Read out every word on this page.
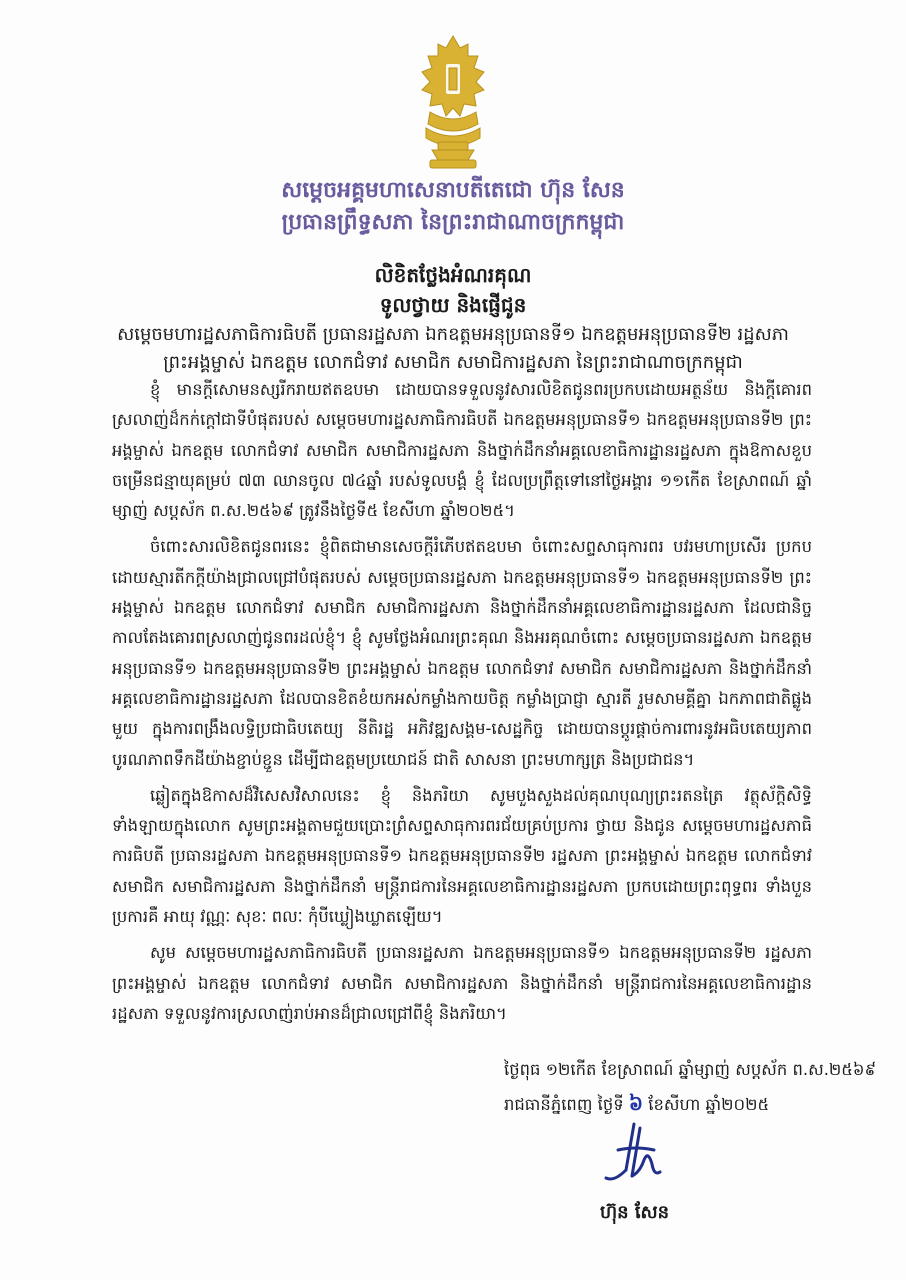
សម្តេចអគ្គមហាសេនាបតីតេជោ ហ៊ុន សែន
ប្រធានព្រឹទ្ធសភា នៃព្រះរាជាណាចក្រកម្ពុជា
លិខិតថ្លែងអំណរគុណ
ទូលថ្វាយ និងផ្ញើជូន
សម្តេចមហារដ្ឋសភាធិការធិបតី ប្រធានរដ្ឋសភា ឯកឧត្តមអនុប្រធានទី១ ឯកឧត្តមអនុប្រធានទី២ រដ្ឋសភា
ព្រះអង្គម្ចាស់ ឯកឧត្តម លោកជំទាវ សមាជិក សមាជិការដ្ឋសភា នៃព្រះរាជាណាចក្រកម្ពុជា

ខ្ញុំ មានក្តីសោមនស្សរីករាយឥតឧបមា ដោយបានទទួលនូវសារលិខិតជូនពរប្រកបដោយអត្ថន័យ និងក្តីគោរពស្រលាញ់ដ៏កក់ក្តៅជាទីបំផុតរបស់ សម្តេចមហារដ្ឋសភាធិការធិបតី ឯកឧត្តមអនុប្រធានទី១ ឯកឧត្តមអនុប្រធានទី២ ព្រះអង្គម្ចាស់ ឯកឧត្តម លោកជំទាវ សមាជិក សមាជិការដ្ឋសភា និងថ្នាក់ដឹកនាំអគ្គលេខាធិការដ្ឋានរដ្ឋសភា ក្នុងឱកាសខួបចម្រើនជន្មាយុគម្រប់ ៧៣ ឈានចូល ៧៤ឆ្នាំ របស់ទូលបង្គំ ខ្ញុំ ដែលប្រព្រឹត្តទៅនៅថ្ងៃអង្គារ ១១កើត ខែស្រាពណ៍ ឆ្នាំម្សាញ់ សប្តស័ក ព.ស.២៥៦៩ ត្រូវនឹងថ្ងៃទី៥ ខែសីហា ឆ្នាំ២០២៥។

ចំពោះសារលិខិតជូនពរនេះ ខ្ញុំពិតជាមានសេចក្តីរំភើបឥតឧបមា ចំពោះសព្ទសាធុការពរ បវរមហាប្រសើរ ប្រកបដោយស្មារតីកក្តីយ៉ាងជ្រាលជ្រៅបំផុតរបស់ សម្តេចប្រធានរដ្ឋសភា ឯកឧត្តមអនុប្រធានទី១ ឯកឧត្តមអនុប្រធានទី២ ព្រះអង្គម្ចាស់ ឯកឧត្តម លោកជំទាវ សមាជិក សមាជិការដ្ឋសភា និងថ្នាក់ដឹកនាំអគ្គលេខាធិការដ្ឋានរដ្ឋសភា ដែលជានិច្ចកាលតែងគោរពស្រលាញ់ជូនពរដល់ខ្ញុំ។ ខ្ញុំ សូមថ្លែងអំណរព្រះគុណ និងអរគុណចំពោះ សម្តេចប្រធានរដ្ឋសភា ឯកឧត្តមអនុប្រធានទី១ ឯកឧត្តមអនុប្រធានទី២ ព្រះអង្គម្ចាស់ ឯកឧត្តម លោកជំទាវ សមាជិក សមាជិការដ្ឋសភា និងថ្នាក់ដឹកនាំអគ្គលេខាធិការដ្ឋានរដ្ឋសភា ដែលបានខិតខំយកអស់កម្លាំងកាយចិត្ត កម្លាំងប្រាជ្ញា ស្មារតី រួមសាមគ្គីគ្នា ឯកភាពជាតិផ្លូងមួយ ក្នុងការពង្រឹងលទ្ធិប្រជាធិបតេយ្យ នីតិរដ្ឋ អភិវឌ្ឍសង្គម-សេដ្ឋកិច្ច ដោយបានប្តូរផ្តាច់ការពារនូវអធិបតេយ្យភាព បូរណភាពទឹកដីយ៉ាងខ្ជាប់ខ្ជួន ដើម្បីជាឧត្តមប្រយោជន៍ ជាតិ សាសនា ព្រះមហាក្សត្រ និងប្រជាជន។

ឆ្លៀតក្នុងឱកាសដ៏វិសេសវិសាលនេះ ខ្ញុំ និងភរិយា សូមបួងសួងដល់គុណបុណ្យព្រះរតនត្រៃ វត្ថុស័ក្តិសិទ្ធិ ទាំងឡាយក្នុងលោក សូមព្រះអង្គតាមជួយប្រោះព្រំសព្ទសាធុការពរជ័យគ្រប់ប្រការ ថ្វាយ និងជូន សម្តេចមហារដ្ឋសភាធិការធិបតី ប្រធានរដ្ឋសភា ឯកឧត្តមអនុប្រធានទី១ ឯកឧត្តមអនុប្រធានទី២ រដ្ឋសភា ព្រះអង្គម្ចាស់ ឯកឧត្តម លោកជំទាវ សមាជិក សមាជិការដ្ឋសភា និងថ្នាក់ដឹកនាំ មន្ត្រីរាជការនៃអគ្គលេខាធិការដ្ឋានរដ្ឋសភា ប្រកបដោយព្រះពុទ្ធពរ ទាំងបួនប្រការគឺ អាយុ វណ្ណៈ សុខៈ ពលៈ កុំបីឃ្លៀងឃ្លាតឡើយ។

សូម សម្តេចមហារដ្ឋសភាធិការធិបតី ប្រធានរដ្ឋសភា ឯកឧត្តមអនុប្រធានទី១ ឯកឧត្តមអនុប្រធានទី២ រដ្ឋសភា ព្រះអង្គម្ចាស់ ឯកឧត្តម លោកជំទាវ សមាជិក សមាជិការដ្ឋសភា និងថ្នាក់ដឹកនាំ មន្ត្រីរាជការនៃអគ្គលេខាធិការដ្ឋានរដ្ឋសភា ទទួលនូវការស្រលាញ់រាប់អានដ៏ជ្រាលជ្រៅពីខ្ញុំ និងភរិយា។

ថ្ងៃពុធ ១២កើត ខែស្រាពណ៍ ឆ្នាំម្សាញ់ សប្តស័ក ព.ស.២៥៦៩
រាជធានីភ្នំពេញ ថ្ងៃទី ៦ ខែសីហា ឆ្នាំ២០២៥
ហ៊ុន សែន
